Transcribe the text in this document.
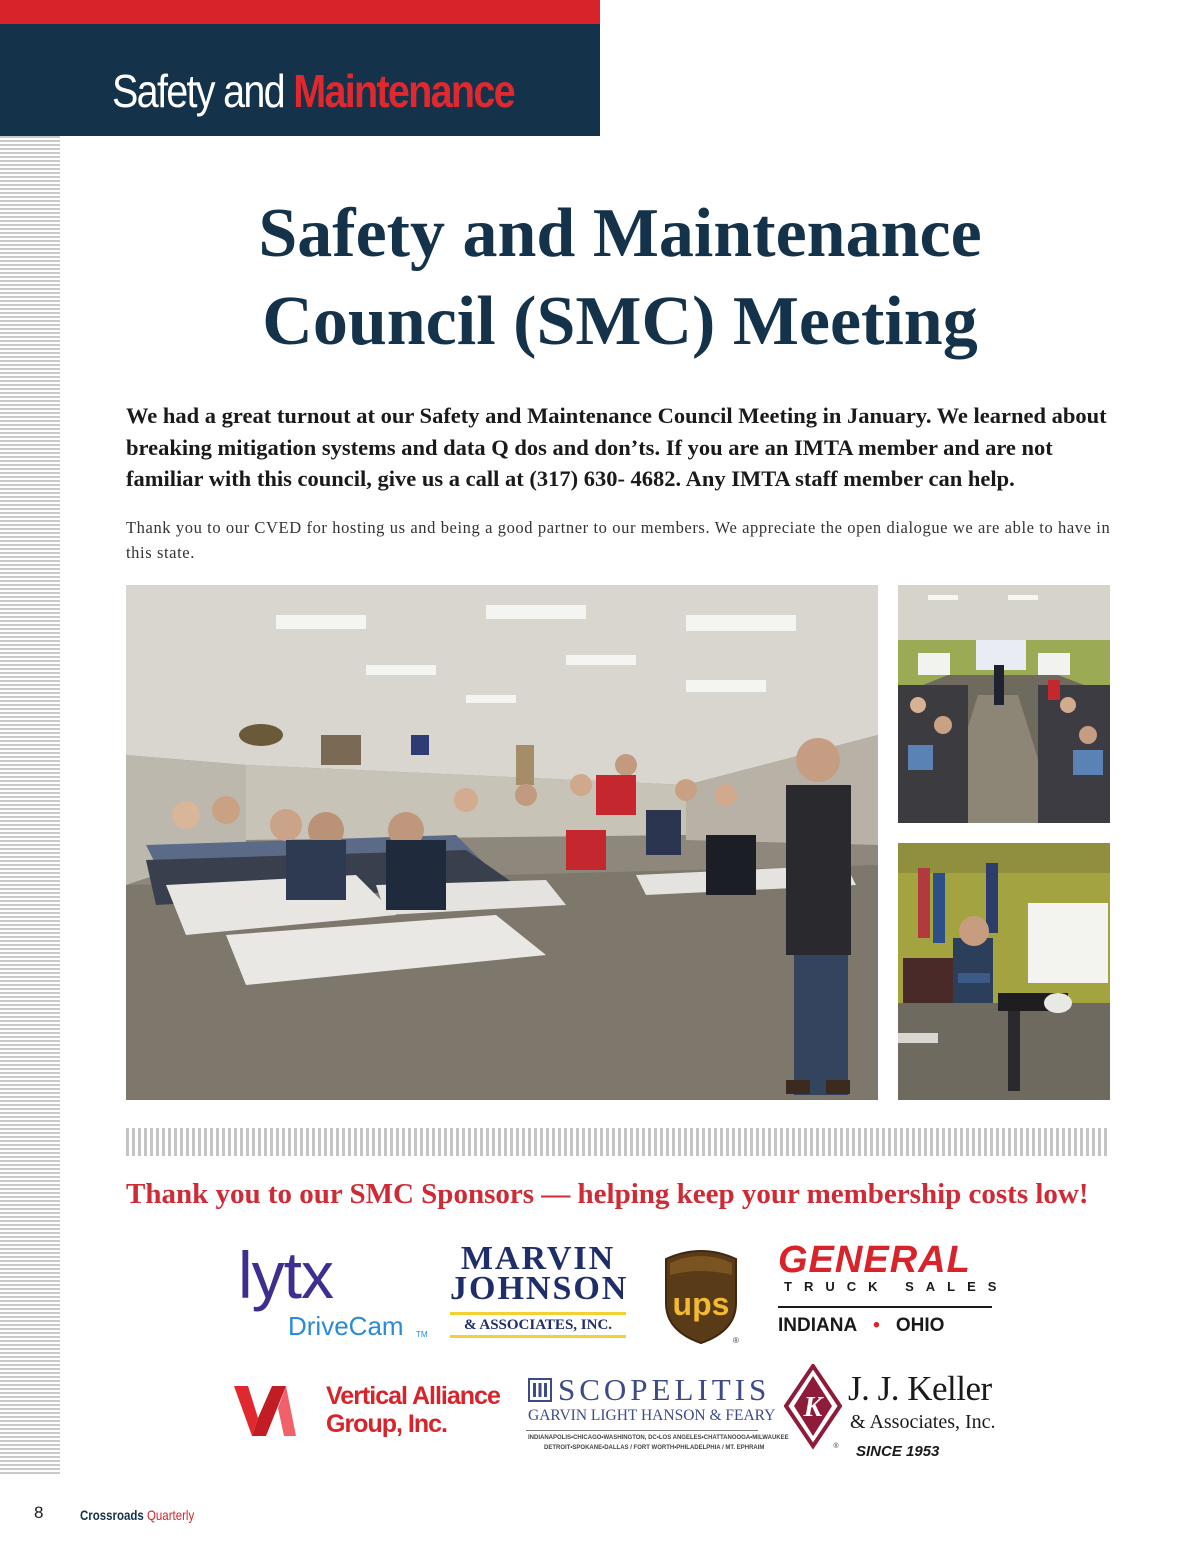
Safety and Maintenance
Safety and Maintenance
Council (SMC) Meeting

We had a great turnout at our Safety and Maintenance Council Meeting in January. We learned about breaking mitigation systems and data Q dos and don’ts. If you are an IMTA member and are not familiar with this council, give us a call at (317) 630- 4682. Any IMTA staff member can help.

Thank you to our CVED for hosting us and being a good partner to our members. We appreciate the open dialogue we are able to have in this state.

Thank you to our SMC Sponsors — helping keep your membership costs low!
lytx
DriveCam TM
MARVIN
JOHNSON
& ASSOCIATES, INC.
ups
®
GENERAL
TRUCK SALES
INDIANA • OHIO
Vertical Alliance
Group, Inc.
SCOPELITIS
GARVIN LIGHT HANSON & FEARY
INDIANAPOLIS•CHICAGO•WASHINGTON, DC•LOS ANGELES•CHATTANOOGA•MILWAUKEE
DETROIT•SPOKANE•DALLAS / FORT WORTH•PHILADELPHIA / MT. EPHRAIM
K
®
J. J. Keller
& Associates, Inc.
SINCE 1953
8	Crossroads Quarterly
